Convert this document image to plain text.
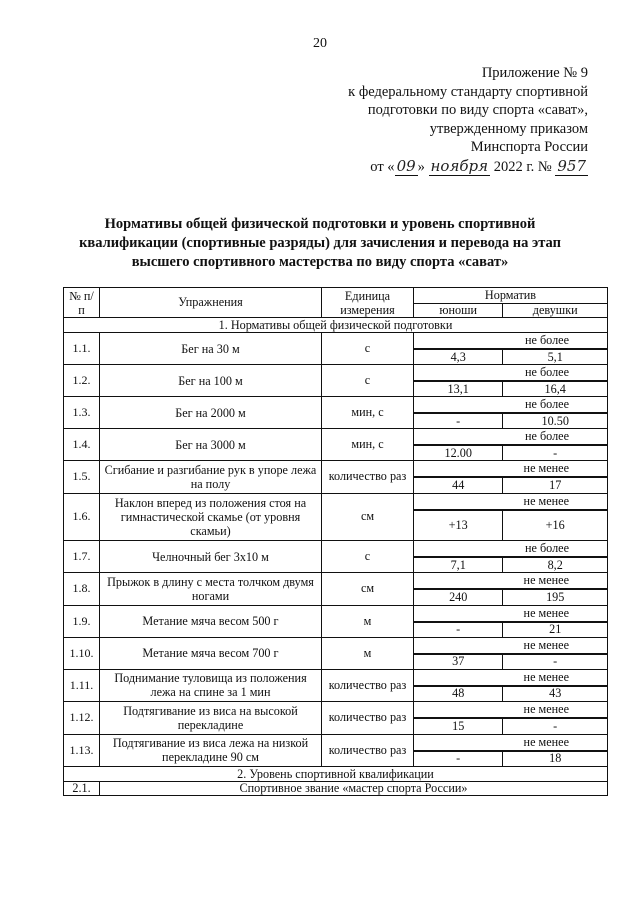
20
Приложение № 9
к федеральному стандарту спортивной
подготовки по виду спорта «сават»,
утвержденному приказом
Минспорта России
от « 09 » ноября 2022 г. № 957
Нормативы общей физической подготовки и уровень спортивной
квалификации (спортивные разряды) для зачисления и перевода на этап
высшего спортивного мастерства по виду спорта «сават»
№ п/п	Упражнения	Единица измерения	Норматив	
			юноши	девушки
1. Нормативы общей физической подготовки				
1.1.	Бег на 30 м	с	не более	
			4,3	5,1
1.2.	Бег на 100 м	с	не более	
			13,1	16,4
1.3.	Бег на 2000 м	мин, с	не более	
			-	10.50
1.4.	Бег на 3000 м	мин, с	не более	
			12.00	-
1.5.	Сгибание и разгибание рук в упоре лежа на полу	количество раз	не менее	
			44	17
1.6.	Наклон вперед из положения стоя на гимнастической скамье (от уровня скамьи)	см	не менее	
			+13	+16
1.7.	Челночный бег 3х10 м	с	не более	
			7,1	8,2
1.8.	Прыжок в длину с места толчком двумя ногами	см	не менее	
			240	195
1.9.	Метание мяча весом 500 г	м	не менее	
			-	21
1.10.	Метание мяча весом 700 г	м	не менее	
			37	-
1.11.	Поднимание туловища из положения лежа на спине за 1 мин	количество раз	не менее	
			48	43
1.12.	Подтягивание из виса на высокой перекладине	количество раз	не менее	
			15	-
1.13.	Подтягивание из виса лежа на низкой перекладине 90 см	количество раз	не менее	
			-	18
2. Уровень спортивной квалификации				
2.1.	Спортивное звание «мастер спорта России»			
